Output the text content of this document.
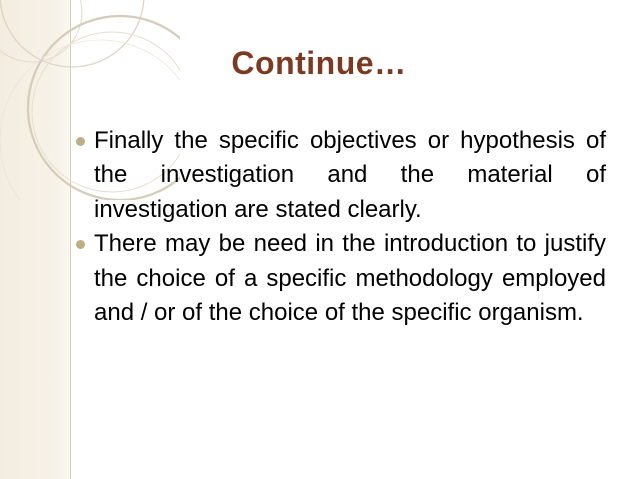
Continue…

Finally the specific objectives or hypothesis of the investigation and the material of investigation are stated clearly.

There may be need in the introduction to justify the choice of a specific methodology employed and / or of the choice of the specific organism.
